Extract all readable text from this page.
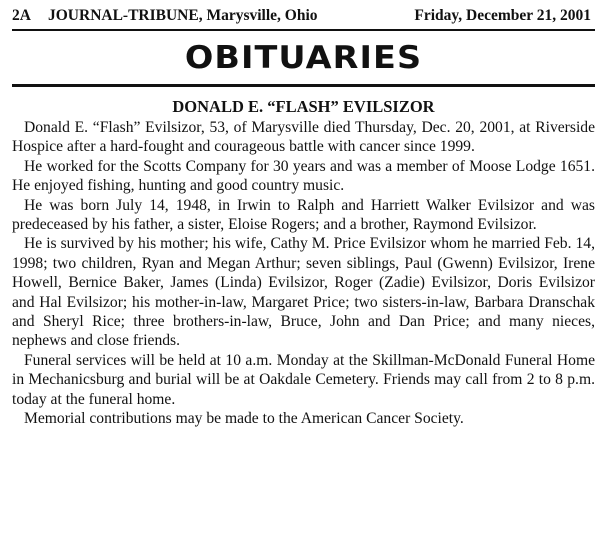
2A	JOURNAL-TRIBUNE, Marysville, Ohio	Friday, December 21, 2001
OBITUARIES
DONALD E. “FLASH” EVILSIZOR

Donald E. “Flash” Evilsizor, 53, of Marysville died Thursday, Dec. 20, 2001, at Riverside Hospice after a hard-fought and courageous battle with cancer since 1999.

He worked for the Scotts Company for 30 years and was a member of Moose Lodge 1651. He enjoyed fishing, hunting and good country music.

He was born July 14, 1948, in Irwin to Ralph and Harriett Walker Evilsizor and was predeceased by his father, a sister, Eloise Rogers; and a brother, Raymond Evilsizor.

He is survived by his mother; his wife, Cathy M. Price Evilsizor whom he married Feb. 14, 1998; two children, Ryan and Megan Arthur; seven siblings, Paul (Gwenn) Evilsizor, Irene Howell, Bernice Baker, James (Linda) Evilsizor, Roger (Zadie) Evilsizor, Doris Evilsizor and Hal Evilsizor; his mother-in-law, Margaret Price; two sisters-in-law, Barbara Dranschak and Sheryl Rice; three brothers-in-law, Bruce, John and Dan Price; and many nieces, nephews and close friends.

Funeral services will be held at 10 a.m. Monday at the Skillman-McDonald Funeral Home in Mechanicsburg and burial will be at Oakdale Cemetery. Friends may call from 2 to 8 p.m. today at the funeral home.

Memorial contributions may be made to the American Cancer Society.
